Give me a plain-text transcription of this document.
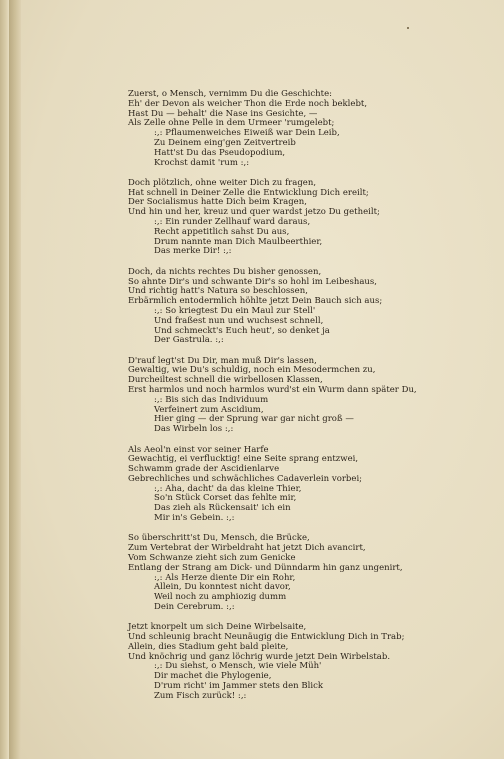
Zuerst, o Mensch, vernimm Du die Geschichte:
Eh' der Devon als weicher Thon die Erde noch beklebt,
Hast Du — behalt' die Nase ins Gesichte, —
Als Zelle ohne Pelle in dem Urmeer 'rumgelebt;
:,: Pflaumenweiches Eiweiß war Dein Leib,
Zu Deinem eing'gen Zeitvertreib
Hatt'st Du das Pseudopodium,
Krochst damit 'rum :,:
Doch plötzlich, ohne weiter Dich zu fragen,
Hat schnell in Deiner Zelle die Entwicklung Dich ereilt;
Der Socialismus hatte Dich beim Kragen,
Und hin und her, kreuz und quer wardst jetzo Du getheilt;
:,: Ein runder Zellhauf ward daraus,
Recht appetitlich sahst Du aus,
Drum nannte man Dich Maulbeerthier,
Das merke Dir! :,:
Doch, da nichts rechtes Du bisher genossen,
So ahnte Dir's und schwante Dir's so hohl im Leibeshaus,
Und richtig hatt's Natura so beschlossen,
Erbärmlich entodermlich höhlte jetzt Dein Bauch sich aus;
:,: So kriegtest Du ein Maul zur Stell'
Und fraßest nun und wuchsest schnell,
Und schmeckt's Euch heut', so denket ja
Der Gastrula. :,:
D'rauf legt'st Du Dir, man muß Dir's lassen,
Gewaltig, wie Du's schuldig, noch ein Mesodermchen zu,
Durcheiltest schnell die wirbellosen Klassen,
Erst harmlos und noch harmlos wurd'st ein Wurm dann später Du,
:,: Bis sich das Individuum
Verfeinert zum Ascidium,
Hier ging — der Sprung war gar nicht groß —
Das Wirbeln los :,:
Als Aeol'n einst vor seiner Harfe
Gewachtig, ei verflucktig! eine Seite sprang entzwei,
Schwamm grade der Ascidienlarve
Gebrechliches und schwächliches Cadaverlein vorbei;
:,: Aha, dacht' da das kleine Thier,
So'n Stück Corset das fehlte mir,
Das zieh als Rückensait' ich ein
Mir in's Gebein. :,:
So überschritt'st Du, Mensch, die Brücke,
Zum Vertebrat der Wirbeldraht hat jetzt Dich avancirt,
Vom Schwanze zieht sich zum Genicke
Entlang der Strang am Dick- und Dünndarm hin ganz ungenirt,
:,: Als Herze diente Dir ein Rohr,
Allein, Du konntest nicht davor,
Weil noch zu amphiozig dumm
Dein Cerebrum. :,:
Jetzt knorpelt um sich Deine Wirbelsaite,
Und schleunig bracht Neunäugig die Entwicklung Dich in Trab;
Allein, dies Stadium geht bald pleite,
Und knöchrig und ganz löchrig wurde jetzt Dein Wirbelstab.
:,: Du siehst, o Mensch, wie viele Müh'
Dir machet die Phylogenie,
D'rum richt' im Jammer stets den Blick
Zum Fisch zurück! :,:
